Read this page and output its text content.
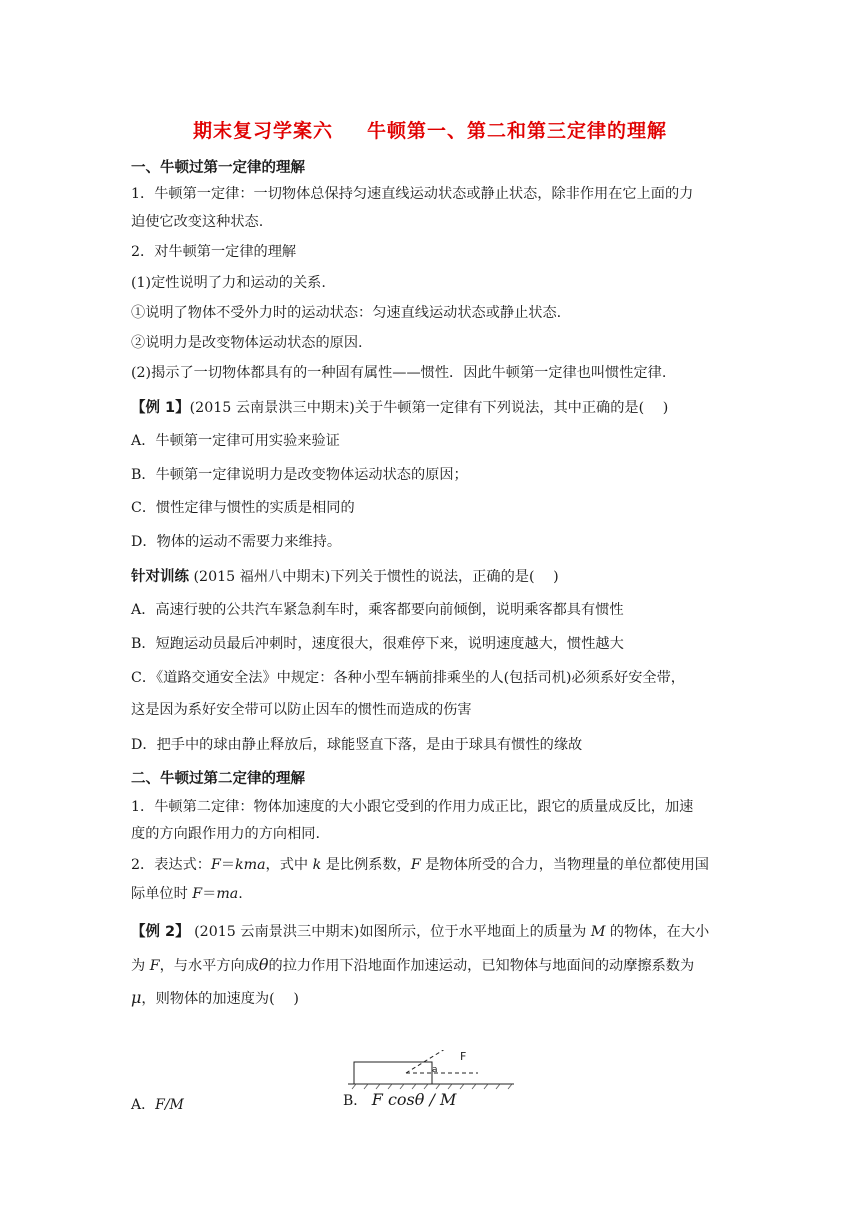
期末复习学案六 牛顿第一、第二和第三定律的理解
一、牛顿过第一定律的理解
1．牛顿第一定律：一切物体总保持匀速直线运动状态或静止状态，除非作用在它上面的力
迫使它改变这种状态.
2．对牛顿第一定律的理解
(1)定性说明了力和运动的关系.
①说明了物体不受外力时的运动状态：匀速直线运动状态或静止状态.
②说明力是改变物体运动状态的原因.
(2)揭示了一切物体都具有的一种固有属性——惯性．因此牛顿第一定律也叫惯性定律.
【例 1】(2015 云南景洪三中期末)关于牛顿第一定律有下列说法，其中正确的是(　 )
A．牛顿第一定律可用实验来验证
B．牛顿第一定律说明力是改变物体运动状态的原因；
C．惯性定律与惯性的实质是相同的
D．物体的运动不需要力来维持。
针对训练 (2015 福州八中期末)下列关于惯性的说法，正确的是(　 )
A．高速行驶的公共汽车紧急刹车时，乘客都要向前倾倒，说明乘客都具有惯性
B．短跑运动员最后冲刺时，速度很大，很难停下来，说明速度越大，惯性越大
C．《道路交通安全法》中规定：各种小型车辆前排乘坐的人(包括司机)必须系好安全带，
这是因为系好安全带可以防止因车的惯性而造成的伤害
D．把手中的球由静止释放后，球能竖直下落，是由于球具有惯性的缘故
二、牛顿过第二定律的理解
1．牛顿第二定律：物体加速度的大小跟它受到的作用力成正比，跟它的质量成反比，加速
度的方向跟作用力的方向相同.
2．表达式：F＝kma，式中 k 是比例系数，F 是物体所受的合力，当物理量的单位都使用国
际单位时 F＝ma.
【例 2】 (2015 云南景洪三中期末)如图所示，位于水平地面上的质量为 M 的物体，在大小
为 F，与水平方向成θ的拉力作用下沿地面作加速运动，已知物体与地面间的动摩擦系数为
μ，则物体的加速度为(　 )
F
a
A．F/M	B． F cosθ / M
